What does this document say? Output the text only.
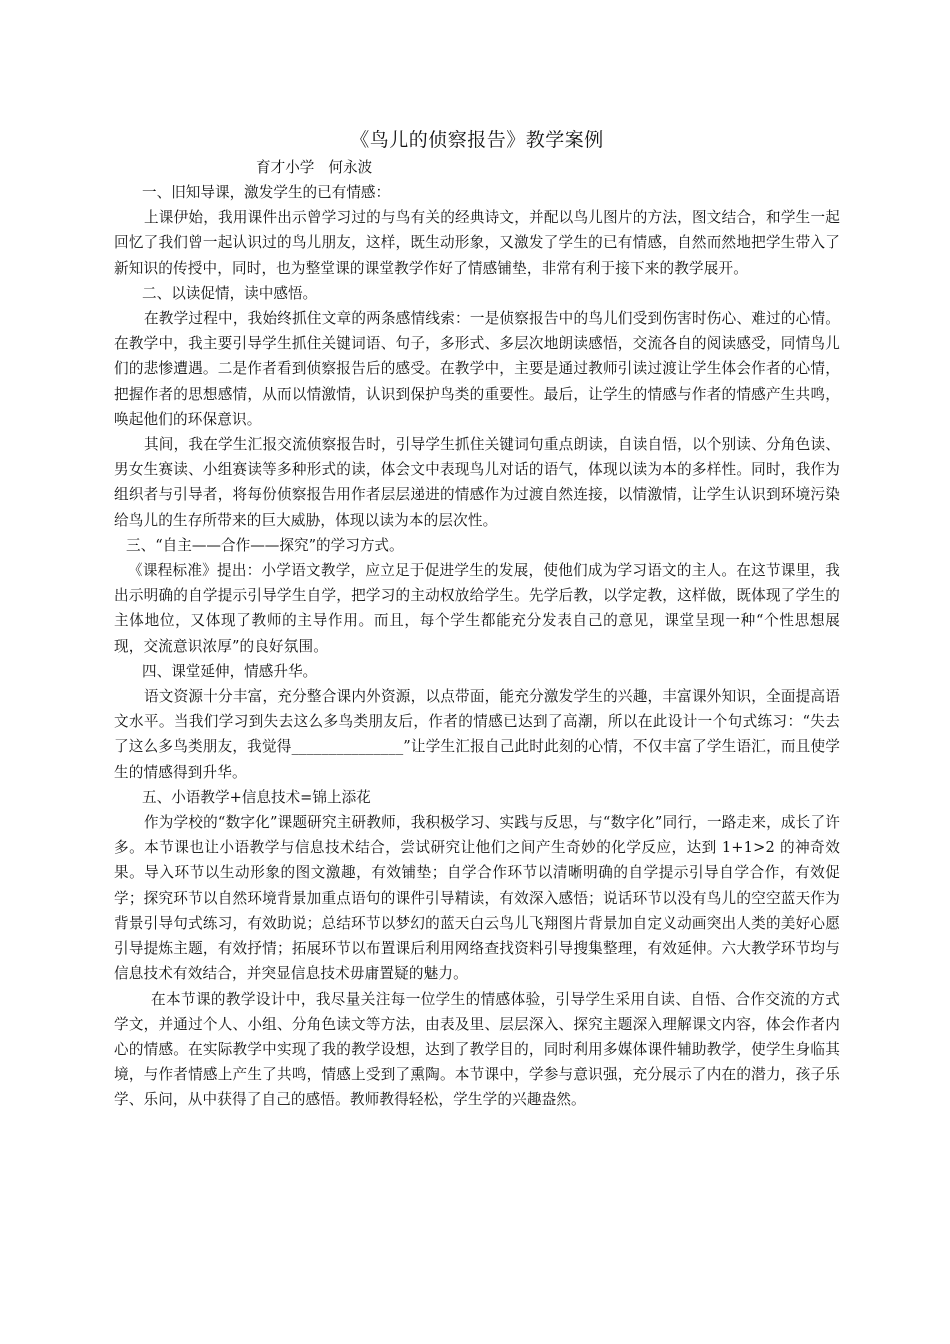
《鸟儿的侦察报告》教学案例

育才小学 何永波

一、旧知导课，激发学生的已有情感：

上课伊始，我用课件出示曾学习过的与鸟有关的经典诗文，并配以鸟儿图片的方法，图文结合，和学生一起回忆了我们曾一起认识过的鸟儿朋友，这样，既生动形象，又激发了学生的已有情感，自然而然地把学生带入了新知识的传授中，同时，也为整堂课的课堂教学作好了情感铺垫，非常有利于接下来的教学展开。

二、以读促情，读中感悟。

在教学过程中，我始终抓住文章的两条感情线索：一是侦察报告中的鸟儿们受到伤害时伤心、难过的心情。在教学中，我主要引导学生抓住关键词语、句子，多形式、多层次地朗读感悟，交流各自的阅读感受，同情鸟儿们的悲惨遭遇。二是作者看到侦察报告后的感受。在教学中，主要是通过教师引读过渡让学生体会作者的心情，把握作者的思想感情，从而以情激情，认识到保护鸟类的重要性。最后，让学生的情感与作者的情感产生共鸣，唤起他们的环保意识。

其间，我在学生汇报交流侦察报告时，引导学生抓住关键词句重点朗读，自读自悟，以个别读、分角色读、男女生赛读、小组赛读等多种形式的读，体会文中表现鸟儿对话的语气，体现以读为本的多样性。同时，我作为组织者与引导者，将每份侦察报告用作者层层递进的情感作为过渡自然连接，以情激情，让学生认识到环境污染给鸟儿的生存所带来的巨大威胁，体现以读为本的层次性。

三、“自主——合作——探究”的学习方式。

《课程标准》提出：小学语文教学，应立足于促进学生的发展，使他们成为学习语文的主人。在这节课里，我出示明确的自学提示引导学生自学，把学习的主动权放给学生。先学后教，以学定教，这样做，既体现了学生的主体地位，又体现了教师的主导作用。而且，每个学生都能充分发表自己的意见，课堂呈现一种“个性思想展现，交流意识浓厚”的良好氛围。

四、课堂延伸，情感升华。

语文资源十分丰富，充分整合课内外资源，以点带面，能充分激发学生的兴趣，丰富课外知识，全面提高语文水平。当我们学习到失去这么多鸟类朋友后，作者的情感已达到了高潮，所以在此设计一个句式练习：“失去了这么多鸟类朋友，我觉得_______________”让学生汇报自己此时此刻的心情，不仅丰富了学生语汇，而且使学生的情感得到升华。

五、小语教学+信息技术=锦上添花

作为学校的“数字化”课题研究主研教师，我积极学习、实践与反思，与“数字化”同行，一路走来，成长了许多。本节课也让小语教学与信息技术结合，尝试研究让他们之间产生奇妙的化学反应，达到 1+1>2 的神奇效果。导入环节以生动形象的图文激趣，有效铺垫；自学合作环节以清晰明确的自学提示引导自学合作，有效促学；探究环节以自然环境背景加重点语句的课件引导精读，有效深入感悟；说话环节以没有鸟儿的空空蓝天作为背景引导句式练习，有效助说；总结环节以梦幻的蓝天白云鸟儿飞翔图片背景加自定义动画突出人类的美好心愿引导提炼主题，有效抒情；拓展环节以布置课后利用网络查找资料引导搜集整理，有效延伸。六大教学环节均与信息技术有效结合，并突显信息技术毋庸置疑的魅力。

在本节课的教学设计中，我尽量关注每一位学生的情感体验，引导学生采用自读、自悟、合作交流的方式学文，并通过个人、小组、分角色读文等方法，由表及里、层层深入、探究主题深入理解课文内容，体会作者内心的情感。在实际教学中实现了我的教学设想，达到了教学目的，同时利用多媒体课件辅助教学，使学生身临其境，与作者情感上产生了共鸣，情感上受到了熏陶。本节课中，学参与意识强，充分展示了内在的潜力，孩子乐学、乐问，从中获得了自己的感悟。教师教得轻松，学生学的兴趣盎然。
